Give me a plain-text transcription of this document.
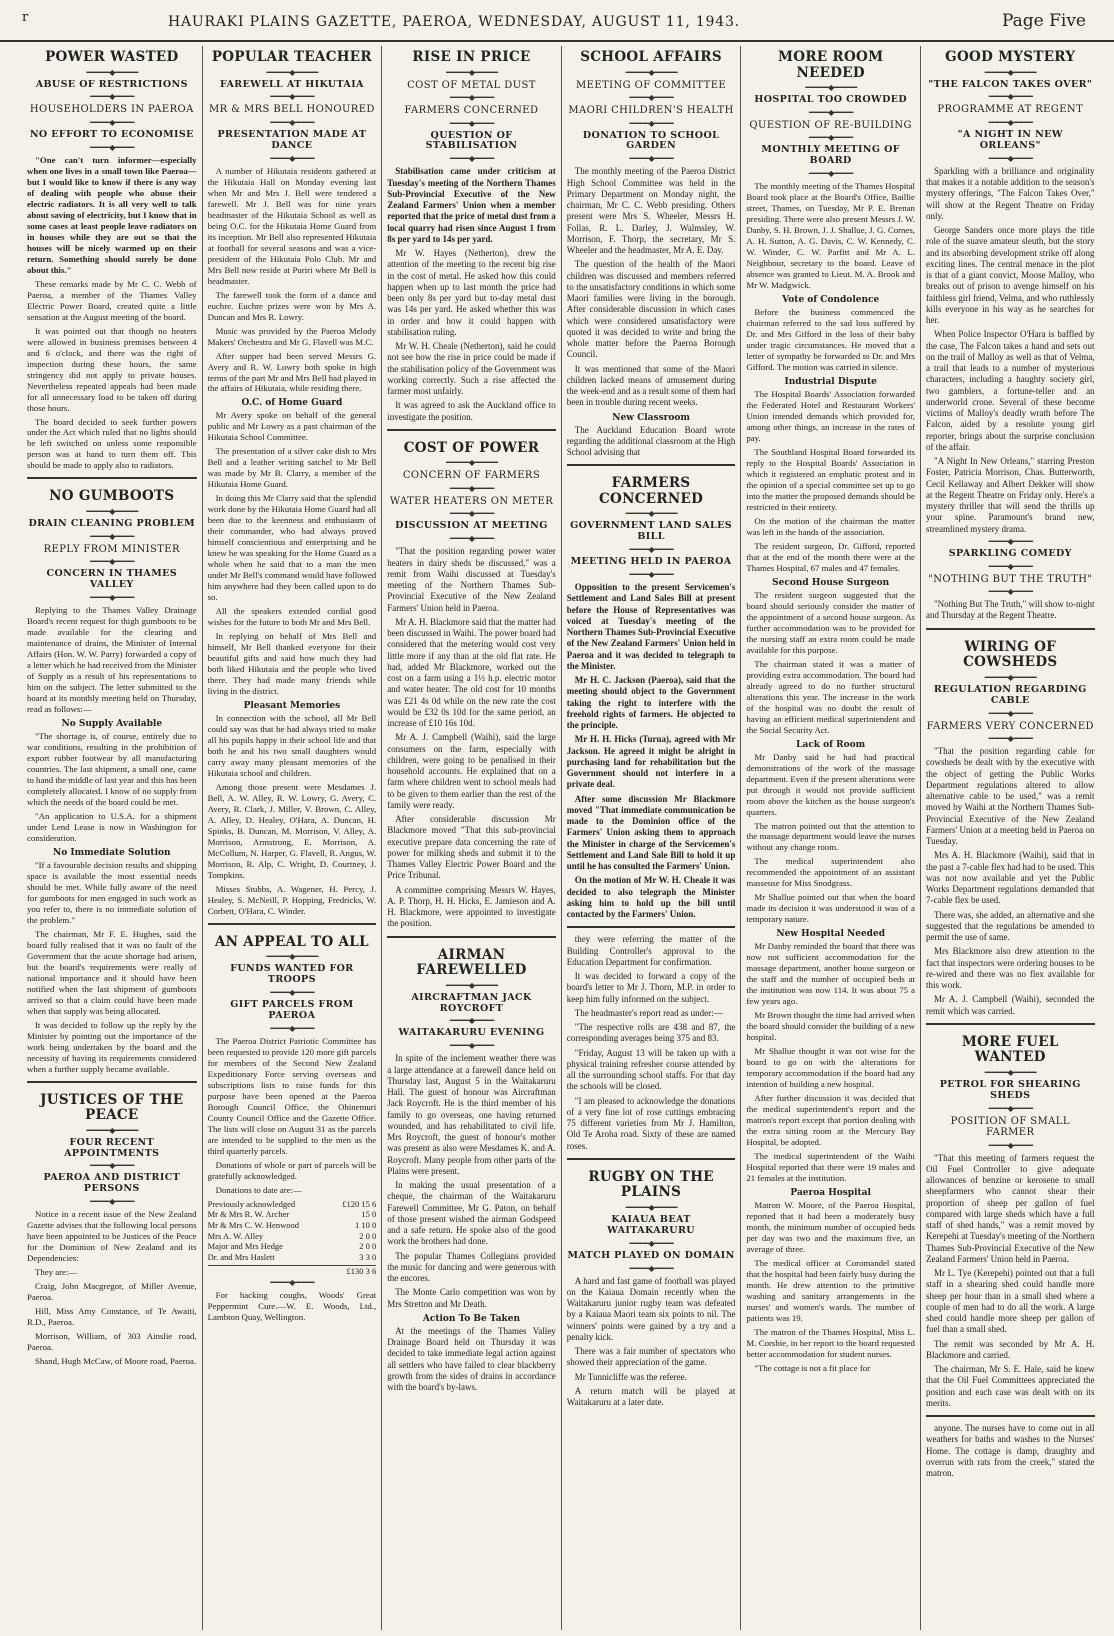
r	HAURAKI PLAINS GAZETTE, PAEROA, WEDNESDAY, AUGUST 11, 1943.	Page Five
POWER WASTED
━━━━━━◆━━━━━━
ABUSE OF RESTRICTIONS
━━━━━◆━━━━━
HOUSEHOLDERS IN PAEROA
━━━━━◆━━━━━
NO EFFORT TO ECONOMISE
━━━━━◆━━━━━

"One can't turn informer—especially when one lives in a small town like Paeroa—but I would like to know if there is any way of dealing with people who abuse their electric radiators. It is all very well to talk about saving of electricity, but I know that in some cases at least people leave radiators on in houses while they are out so that the houses will be nicely warmed up on their return. Something should surely be done about this."

These remarks made by Mr C. C. Webb of Paeroa, a member of the Thames Valley Electric Power Board, created quite a little sensation at the August meeting of the board.

It was pointed out that though no heaters were allowed in business premises between 4 and 6 o'clock, and there was the right of inspection during these hours, the same stringency did not apply to private houses. Nevertheless repeated appeals had been made for all unnecessary load to be taken off during those hours.

The board decided to seek further powers under the Act which ruled that no lights should be left switched on unless some responsible person was at hand to turn them off. This should be made to apply also to radiators.

NO GUMBOOTS
━━━━━━◆━━━━━━
DRAIN CLEANING PROBLEM
━━━━━◆━━━━━
REPLY FROM MINISTER
━━━━━◆━━━━━
CONCERN IN THAMES VALLEY
━━━━━◆━━━━━

Replying to the Thames Valley Drainage Board's recent request for thigh gumboots to be made available for the clearing and maintenance of drains, the Minister of Internal Affairs (Hon. W. W. Parry) forwarded a copy of a letter which he had received from the Minister of Supply as a result of his representations to him on the subject. The letter submitted to the board at its monthly meeting held on Thursday, read as follows:—

No Supply Available

"The shortage is, of course, entirely due to war conditions, resulting in the prohibition of export rubber footwear by all manufacturing countries. The last shipment, a small one, came to hand the middle of last year and this has been completely allocated. I know of no supply from which the needs of the board could be met.

"An application to U.S.A. for a shipment under Lend Lease is now in Washington for consideration.

No Immediate Solution

"If a favourable decision results and shipping space is available the most essential needs should be met. While fully aware of the need for gumboots for men engaged in such work as you refer to, there is no immediate solution of the problem."

The chairman, Mr F. E. Hughes, said the board fully realised that it was no fault of the Government that the acute shortage had arisen, but the board's requirements were really of national importance and it should have been notified when the last shipment of gumboots arrived so that a claim could have been made when that supply was being allocated.

It was decided to follow up the reply by the Minister by pointing out the importance of the work being undertaken by the board and the necessity of having its requirements considered when a further supply became available.

JUSTICES OF THE PEACE
━━━━━━◆━━━━━━
FOUR RECENT APPOINTMENTS
━━━━━◆━━━━━
PAEROA AND DISTRICT PERSONS
━━━━━◆━━━━━

Notice in a recent issue of the New Zealand Gazette advises that the following local persons have been appointed to be Justices of the Peace for the Dominion of New Zealand and its Dependencies:

They are:—

Craig, John Macgregor, of Miller Avenue, Paeroa.

Hill, Miss Amy Constance, of Te Awaiti, R.D., Paeroa.

Morrison, William, of 303 Ainslie road, Paeroa.

Shand, Hugh McCaw, of Moore road, Paeroa.

POPULAR TEACHER
━━━━━━◆━━━━━━
FAREWELL AT HIKUTAIA
━━━━━◆━━━━━
MR & MRS BELL HONOURED
━━━━━◆━━━━━
PRESENTATION MADE AT DANCE
━━━━━◆━━━━━

A number of Hikutaia residents gathered at the Hikutaia Hall on Monday evening last when Mr and Mrs J. Bell were tendered a farewell. Mr J. Bell was for nine years headmaster of the Hikutaia School as well as being O.C. for the Hikutaia Home Guard from its inception. Mr Bell also represented Hikutaia at football for several seasons and was a vice-president of the Hikutaia Polo Club. Mr and Mrs Bell now reside at Puriri where Mr Bell is headmaster.

The farewell took the form of a dance and euchre. Euchre prizes were won by Mrs A. Duncan and Mrs R. Lowry.

Music was provided by the Paeroa Melody Makers' Orchestra and Mr G. Flavell was M.C.

After supper had been served Messrs G. Avery and R. W. Lowry both spoke in high terms of the part Mr and Mrs Bell had played in the affairs of Hikutaia, while residing there.

O.C. of Home Guard

Mr Avery spoke on behalf of the general public and Mr Lowry as a past chairman of the Hikutaia School Committee.

The presentation of a silver cake dish to Mrs Bell and a leather writing satchel to Mr Bell was made by Mr B. Clarry, a member of the Hikutaia Home Guard.

In doing this Mr Clarry said that the splendid work done by the Hikutaia Home Guard had all been due to the keenness and enthusiasm of their commander, who had always proved himself conscientious and enterprising and he knew he was speaking for the Home Guard as a whole when he said that to a man the men under Mr Bell's command would have followed him anywhere had they been called upon to do so.

All the speakers extended cordial good wishes for the future to both Mr and Mrs Bell.

In replying on behalf of Mrs Bell and himself, Mr Bell thanked everyone for their beautiful gifts and said how much they had both liked Hikutaia and the people who lived there. They had made many friends while living in the district.

Pleasant Memories

In connection with the school, all Mr Bell could say was that he had always tried to make all his pupils happy in their school life and that both he and his two small daughters would carry away many pleasant memories of the Hikutaia school and children.

Among those present were Mesdames J. Bell, A. W. Alley, R. W. Lowry, G. Avery, C. Avery, R. Clark, J. Miller, V. Brown, C. Alley, A. Alley, D. Healey, O'Hara, A. Duncan, H. Spinks, B. Duncan, M. Morrison, V. Alley, A. Morrison, Armstrong, E. Morrison, A. McCollum, N. Harper, G. Flavell, R. Angus, W. Morrison, R. Alp, C. Wright, D. Courtney, J. Tompkins.

Misses Stubbs, A. Wagener, H. Percy, J. Healey, S. McNeill, P. Hopping, Fredricks, W. Corbett, O'Hara, C. Winder.

AN APPEAL TO ALL
━━━━━━◆━━━━━━
FUNDS WANTED FOR TROOPS
━━━━━◆━━━━━
GIFT PARCELS FROM PAEROA
━━━━━◆━━━━━

The Paeroa District Patriotic Committee has been requested to provide 120 more gift parcels for members of the Second New Zealand Expeditionary Force serving overseas and subscriptions lists to raise funds for this purpose have been opened at the Paeroa Borough Council Office, the Ohinemuri County Council Office and the Gazette Office. The lists will close on August 31 as the parcels are intended to be supplied to the men as the third quarterly parcels.

Donations of whole or part of parcels will be gratefully acknowledged.

Donations to date are:—

Previously acknowledged	£120 15 6
Mr & Mrs R. W. Archer	15 0
Mr & Mrs C. W. Henwood	1 10 0
Mrs A. W. Alley	2 0 0
Major and Mrs Hedge	2 0 0
Dr. and Mrs Haslett	3 3 0
£130 3 6
━━━━━◆━━━━━

For hacking coughs, Woods' Great Peppermint Cure.—W. E. Woods, Ltd., Lambton Quay, Wellington.

RISE IN PRICE
━━━━━━◆━━━━━━
COST OF METAL DUST
━━━━━◆━━━━━
FARMERS CONCERNED
━━━━━◆━━━━━
QUESTION OF STABILISATION
━━━━━◆━━━━━

Stabilisation came under criticism at Tuesday's meeting of the Northern Thames Sub-Provincial Executive of the New Zealand Farmers' Union when a member reported that the price of metal dust from a local quarry had risen since August 1 from 8s per yard to 14s per yard.

Mr W. Hayes (Netherton), drew the attention of the meeting to the recent big rise in the cost of metal. He asked how this could happen when up to last month the price had been only 8s per yard but to-day metal dust was 14s per yard. He asked whether this was in order and how it could happen with stabilisation ruling.

Mr W. H. Cheale (Netherton), said he could not see how the rise in price could be made if the stabilisation policy of the Government was working correctly. Such a rise affected the farmer most unfairly.

It was agreed to ask the Auckland office to investigate the position.

COST OF POWER
━━━━━━◆━━━━━━
CONCERN OF FARMERS
━━━━━◆━━━━━
WATER HEATERS ON METER
━━━━━◆━━━━━
DISCUSSION AT MEETING
━━━━━◆━━━━━

"That the position regarding power water heaters in dairy sheds be discussed," was a remit from Waihi discussed at Tuesday's meeting of the Northern Thames Sub-Provincial Executive of the New Zealand Farmers' Union held in Paeroa.

Mr A. H. Blackmore said that the matter had been discussed in Waihi. The power board had considered that the metering would cost very little more if any than at the old flat rate. He had, added Mr Blackmore, worked out the cost on a farm using a 1½ h.p. electric motor and water heater. The old cost for 10 months was £21 4s 0d while on the new rate the cost would be £32 0s 10d for the same period, an increase of £10 16s 10d.

Mr A. J. Campbell (Waihi), said the large consumers on the farm, especially with children, were going to be penalised in their household accounts. He explained that on a farm where children went to school meals had to be given to them earlier than the rest of the family were ready.

After considerable discussion Mr Blackmore moved "That this sub-provincial executive prepare data concerning the rate of power for milking sheds and submit it to the Thames Valley Electric Power Board and the Price Tribunal.

A committee comprising Messrs W. Hayes, A. P. Thorp, H. H. Hicks, E. Jamieson and A. H. Blackmore, were appointed to investigate the position.

AIRMAN FAREWELLED
━━━━━━◆━━━━━━
AIRCRAFTMAN JACK ROYCROFT
━━━━━◆━━━━━
WAITAKARURU EVENING
━━━━━◆━━━━━

In spite of the inclement weather there was a large attendance at a farewell dance held on Thursday last, August 5 in the Waitakaruru Hall. The guest of honour was Aircraftman Jack Roycroft. He is the third member of his family to go overseas, one having returned wounded, and has rehabilitated to civil life. Mrs Roycroft, the guest of honour's mother was present as also were Mesdames K. and A. Roycroft. Many people from other parts of the Plains were present.

In making the usual presentation of a cheque, the chairman of the Waitakaruru Farewell Committee, Mr G. Paton, on behalf of those present wished the airman Godspeed and a safe return. He spoke also of the good work the brothers had done.

The popular Thames Collegians provided the music for dancing and were generous with the encores.

The Monte Carlo competition was won by Mrs Stretton and Mr Death.

Action To Be Taken

At the meetings of the Thames Valley Drainage Board held on Thursday it was decided to take immediate legal action against all settlers who have failed to clear blackberry growth from the sides of drains in accordance with the board's by-laws.

SCHOOL AFFAIRS
━━━━━━◆━━━━━━
MEETING OF COMMITTEE
━━━━━◆━━━━━
MAORI CHILDREN'S HEALTH
━━━━━◆━━━━━
DONATION TO SCHOOL GARDEN
━━━━━◆━━━━━

The monthly meeting of the Paeroa District High School Committee was held in the Primary Department on Monday night, the chairman, Mr C. C. Webb presiding. Others present were Mrs S. Wheeler, Messrs H. Follas, R. L. Darley, J. Walmsley, W. Morrison, F. Thorp, the secretary, Mr S. Wheeler and the headmaster, Mr A. E. Day.

The question of the health of the Maori children was discussed and members referred to the unsatisfactory conditions in which some Maori families were living in the borough. After considerable discussion in which cases which were considered unsatisfactory were quoted it was decided to write and bring the whole matter before the Paeroa Borough Council.

It was mentioned that some of the Maori children lacked means of amusement during the week-end and as a result some of them had been in trouble during recent weeks.

New Classroom

The Auckland Education Board wrote regarding the additional classroom at the High School advising that

FARMERS CONCERNED
━━━━━━◆━━━━━━
GOVERNMENT LAND SALES BILL
━━━━━◆━━━━━
MEETING HELD IN PAEROA
━━━━━◆━━━━━

Opposition to the present Servicemen's Settlement and Land Sales Bill at present before the House of Representatives was voiced at Tuesday's meeting of the Northern Thames Sub-Provincial Executive of the New Zealand Farmers' Union held in Paeroa and it was decided to telegraph to the Minister.

Mr H. C. Jackson (Paeroa), said that the meeting should object to the Government taking the right to interfere with the freehold rights of farmers. He objected to the principle.

Mr H. H. Hicks (Turua), agreed with Mr Jackson. He agreed it might be alright in purchasing land for rehabilitation but the Government should not interfere in a private deal.

After some discussion Mr Blackmore moved "That immediate communication be made to the Dominion office of the Farmers' Union asking them to approach the Minister in charge of the Servicemen's Settlement and Land Sale Bill to hold it up until he has consulted the Farmers' Union.

On the motion of Mr W. H. Cheale it was decided to also telegraph the Minister asking him to hold up the bill until contacted by the Farmers' Union.

they were referring the matter of the Building Controller's approval to the Education Department for confirmation.

It was decided to forward a copy of the board's letter to Mr J. Thorn, M.P. in order to keep him fully informed on the subject.

The headmaster's report read as under:—

"The respective rolls are 438 and 87, the corresponding averages being 375 and 83.

"Friday, August 13 will be taken up with a physical training refresher course attended by all the surrounding school staffs. For that day the schools will be closed.

"I am pleased to acknowledge the donations of a very fine lot of rose cuttings embracing 75 different varieties from Mr J. Hamilton, Old Te Aroha road. Sixty of these are named roses.

RUGBY ON THE PLAINS
━━━━━━◆━━━━━━
KAIAUA BEAT WAITAKARURU
━━━━━◆━━━━━
MATCH PLAYED ON DOMAIN
━━━━━◆━━━━━

A hard and fast game of football was played on the Kaiaua Domain recently when the Waitakaruru junior rugby team was defeated by a Kaiaua Maori team six points to nil. The winners' points were gained by a try and a penalty kick.

There was a fair number of spectators who showed their appreciation of the game.

Mr Tunnicliffe was the referee.

A return match will be played at Waitakaruru at a later date.

MORE ROOM NEEDED
━━━━━━◆━━━━━━
HOSPITAL TOO CROWDED
━━━━━◆━━━━━
QUESTION OF RE-BUILDING
━━━━━◆━━━━━
MONTHLY MEETING OF BOARD
━━━━━◆━━━━━

The monthly meeting of the Thames Hospital Board took place at the Board's Office, Baillie street, Thames, on Tuesday, Mr P. E. Brenan presiding. There were also present Messrs J. W. Danby, S. H. Brown, J. J. Shallue, J. G. Cornes, A. H. Sutton, A. G. Davis, C. W. Kennedy, C. W. Winder, C. W. Parfitt and Mr A. L. Neighbour, secretary to the board. Leave of absence was granted to Lieut. M. A. Brook and Mr W. Madgwick.

Vote of Condolence

Before the business commenced the chairman referred to the sad loss suffered by Dr. and Mrs Gifford in the loss of their baby under tragic circumstances. He moved that a letter of sympathy be forwarded to Dr. and Mrs Gifford. The motion was carried in silence.

Industrial Dispute

The Hospital Boards' Association forwarded the Federated Hotel and Restaurant Workers' Union intended demands which provided for, among other things, an increase in the rates of pay.

The Southland Hospital Board forwarded its reply to the Hospital Boards' Association in which it registered an emphatic protest and in the opinion of a special committee set up to go into the matter the proposed demands should be restricted in their entirety.

On the motion of the chairman the matter was left in the hands of the association.

The resident surgeon, Dr. Gifford, reported that at the end of the month there were at the Thames Hospital, 67 males and 47 females.

Second House Surgeon

The resident surgeon suggested that the board should seriously consider the matter of the appointment of a second house surgeon. As further accommodation was to be provided for the nursing staff an extra room could be made available for this purpose.

The chairman stated it was a matter of providing extra accommodation. The board had already agreed to do no further structural alterations this year. The increase in the work of the hospital was no doubt the result of having an efficient medical superintendent and the Social Security Act.

Lack of Room

Mr Danby said he had had practical demonstrations of the work of the massage department. Even if the present alterations were put through it would not provide sufficient room above the kitchen as the house surgeon's quarters.

The matron pointed out that the attention to the massage department would leave the nurses without any change room.

The medical superintendent also recommended the appointment of an assistant masseuse for Miss Snodgrass.

Mr Shallue pointed out that when the board made its decision it was understood it was of a temporary nature.

New Hospital Needed

Mr Danby reminded the board that there was now not sufficient accommodation for the massage department, another house surgeon or the staff and the number of occupied beds at the institution was now 114. It was about 75 a few years ago.

Mr Brown thought the time had arrived when the board should consider the building of a new hospital.

Mr Shallue thought it was not wise for the board to go on with the alterations for temporary accommodation if the board had any intention of building a new hospital.

After further discussion it was decided that the medical superintendent's report and the matron's report except that portion dealing with the extra sitting room at the Mercury Bay Hospital, be adopted.

The medical superintendent of the Waihi Hospital reported that there were 19 males and 21 females at the institution.

Paeroa Hospital

Matron W. Moore, of the Paeroa Hospital, reported that it had been a moderately busy month, the minimum number of occupied beds per day was two and the maximum five, an average of three.

The medical officer at Coromandel stated that the hospital had been fairly busy during the month. He drew attention to the primitive washing and sanitary arrangements in the nurses' and women's wards. The number of patients was 19.

The matron of the Thames Hospital, Miss L. M. Corsbie, in her report to the board requested better accommodation for student nurses.

"The cottage is not a fit place for

GOOD MYSTERY
━━━━━━◆━━━━━━
"THE FALCON TAKES OVER"
━━━━━◆━━━━━
PROGRAMME AT REGENT
━━━━━◆━━━━━
"A NIGHT IN NEW ORLEANS"
━━━━━◆━━━━━

Sparkling with a brilliance and originality that makes it a notable addition to the season's mystery offerings, "The Falcon Takes Over," will show at the Regent Theatre on Friday only.

George Sanders once more plays the title role of the suave amateur sleuth, but the story and its absorbing development strike off along exciting lines. The central menace in the plot is that of a giant convict, Moose Malloy, who breaks out of prison to avenge himself on his faithless girl friend, Velma, and who ruthlessly kills everyone in his way as he searches for her.

When Police Inspector O'Hara is baffled by the case, The Falcon takes a hand and sets out on the trail of Malloy as well as that of Velma, a trail that leads to a number of mysterious characters, including a haughty society girl, two gamblers, a fortune-teller and an underworld crone. Several of these become victims of Malloy's deadly wrath before The Falcon, aided by a resolute young girl reporter, brings about the surprise conclusion of the affair.

"A Night In New Orleans," starring Preston Foster, Patricia Morrison, Chas. Butterworth, Cecil Kellaway and Albert Dekker will show at the Regent Theatre on Friday only. Here's a mystery thriller that will send the thrills up your spine. Paramount's brand new, streamlined mystery drama.

━━━━━◆━━━━━
SPARKLING COMEDY
━━━━━◆━━━━━
"NOTHING BUT THE TRUTH"
━━━━━◆━━━━━

"Nothing But The Truth," will show to-night and Thursday at the Regent Theatre.

WIRING OF COWSHEDS
━━━━━━◆━━━━━━
REGULATION REGARDING CABLE
━━━━━◆━━━━━
FARMERS VERY CONCERNED
━━━━━◆━━━━━

"That the position regarding cable for cowsheds be dealt with by the executive with the object of getting the Public Works Department regulations altered to allow alternative cable to be used," was a remit moved by Waihi at the Northern Thames Sub-Provincial Executive of the New Zealand Farmers' Union at a meeting held in Paeroa on Tuesday.

Mrs A. H. Blackmore (Waihi), said that in the past a 7-cable flex had had to be used. This was not now available and yet the Public Works Department regulations demanded that 7-cable flex be used.

There was, she added, an alternative and she suggested that the regulations be amended to permit the use of same.

Mrs Blackmore also drew attention to the fact that inspectors were ordering houses to be re-wired and there was no flex available for this work.

Mr A. J. Campbell (Waihi), seconded the remit which was carried.

MORE FUEL WANTED
━━━━━━◆━━━━━━
PETROL FOR SHEARING SHEDS
━━━━━◆━━━━━
POSITION OF SMALL FARMER
━━━━━◆━━━━━

"That this meeting of farmers request the Oil Fuel Controller to give adequate allowances of benzine or kerosene to small sheepfarmers who cannot shear their proportion of sheep per gallon of fuel compared with large sheds which have a full staff of shed hands," was a remit moved by Kerepehi at Tuesday's meeting of the Northern Thames Sub-Provincial Executive of the New Zealand Farmers' Union held in Paeroa.

Mr L. Tye (Kerepehi) pointed out that a full staff in a shearing shed could handle more sheep per hour than in a small shed where a couple of men had to do all the work. A large shed could handle more sheep per gallon of fuel than a small shed.

The remit was seconded by Mr A. H. Blackmore and carried.

The chairman, Mr S. E. Hale, said he knew that the Oil Fuel Committees appreciated the position and each case was dealt with on its merits.

anyone. The nurses have to come out in all weathers for baths and washes to the Nurses' Home. The cottage is damp, draughty and overrun with rats from the creek," stated the matron.
